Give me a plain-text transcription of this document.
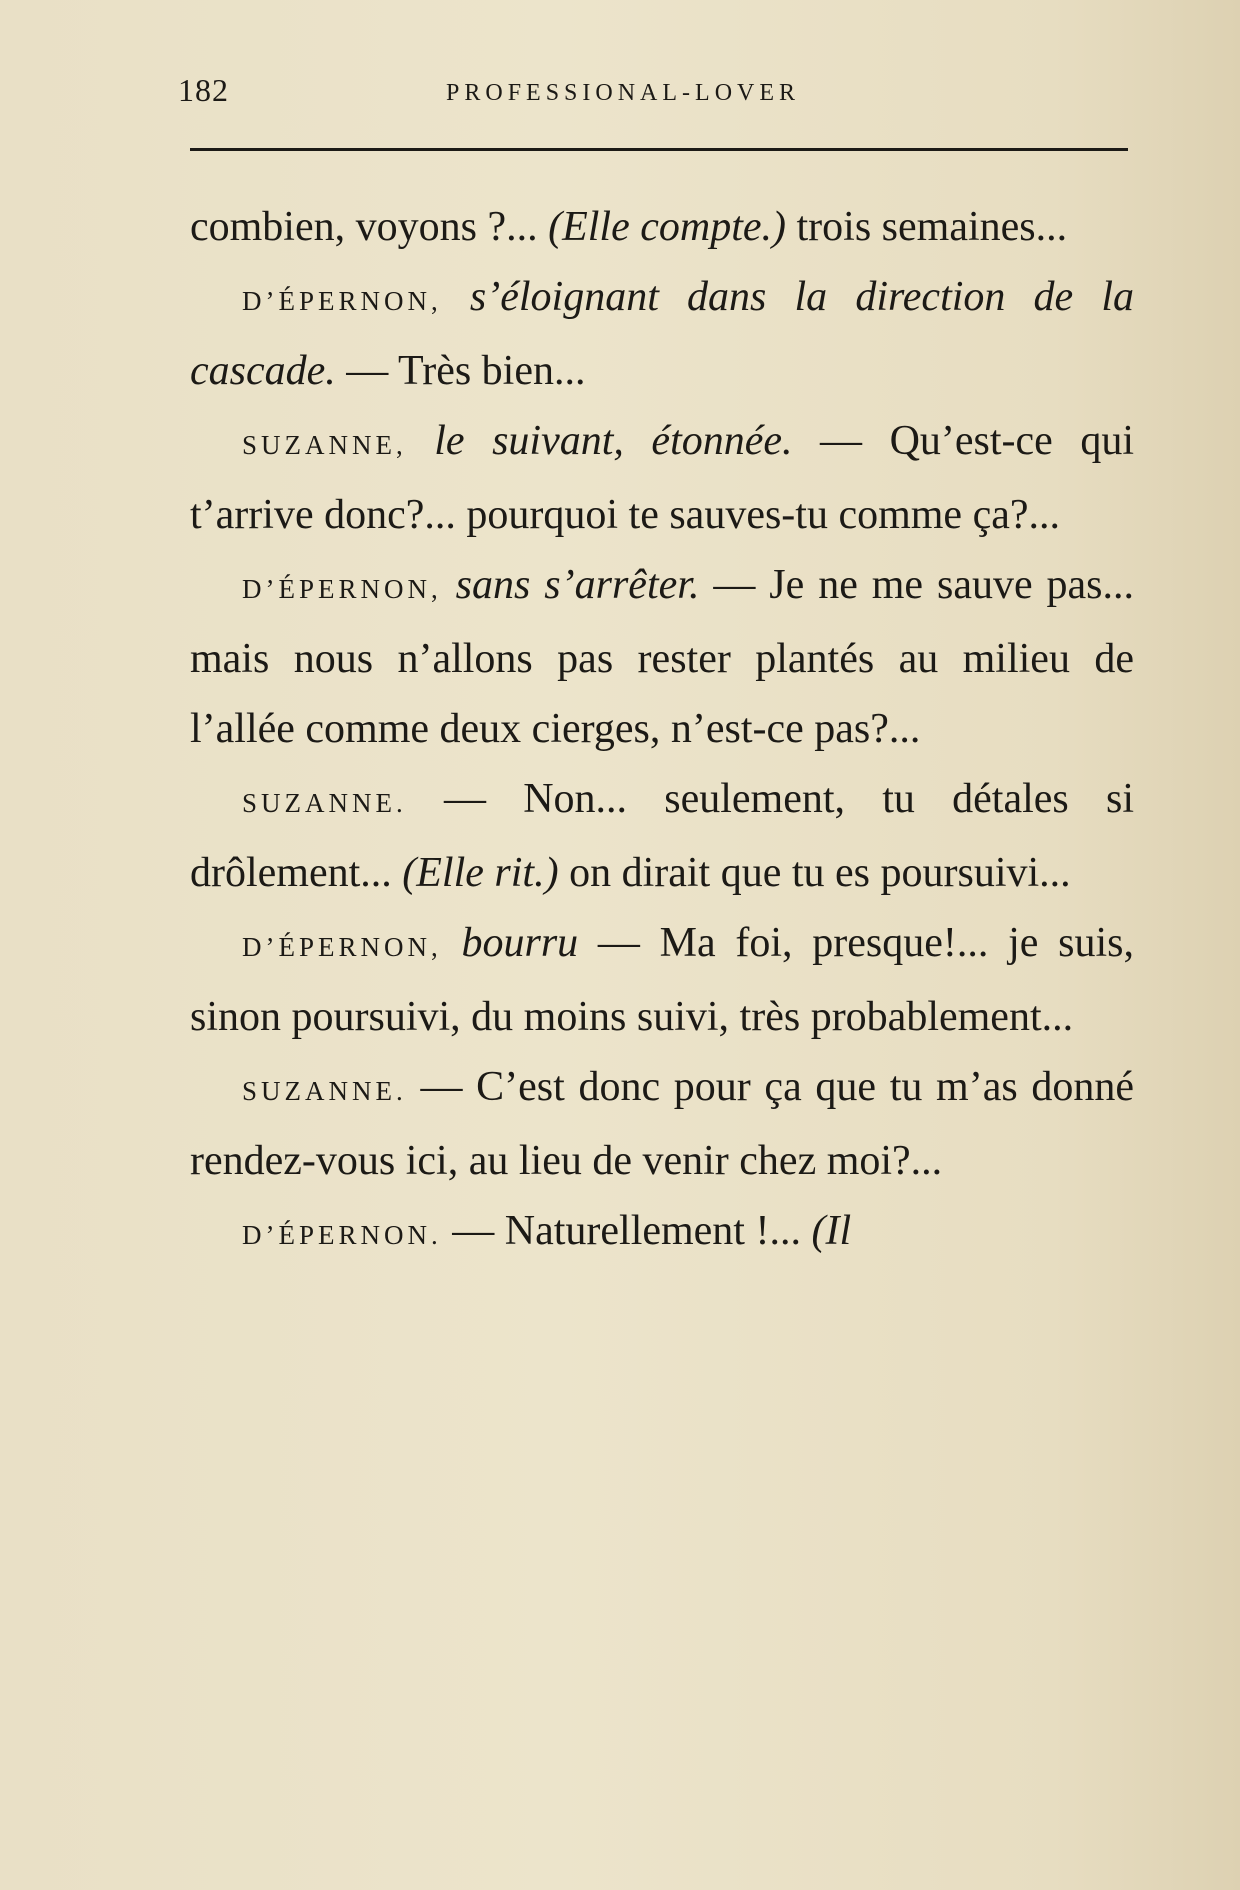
182	PROFESSIONAL-LOVER

combien, voyons ?... (Elle compte.) trois semaines...

D’ÉPERNON, s’éloignant dans la direction de la cascade. — Très bien...

SUZANNE, le suivant, étonnée. — Qu’est-ce qui t’arrive donc?... pourquoi te sauves-tu comme ça?...

D’ÉPERNON, sans s’arrêter. — Je ne me sauve pas... mais nous n’allons pas rester plantés au milieu de l’allée comme deux cierges, n’est-ce pas?...

SUZANNE. — Non... seulement, tu détales si drôlement... (Elle rit.) on dirait que tu es poursuivi...

D’ÉPERNON, bourru — Ma foi, presque!... je suis, sinon poursuivi, du moins suivi, très probablement...

SUZANNE. — C’est donc pour ça que tu m’as donné rendez-vous ici, au lieu de venir chez moi?...

D’ÉPERNON. — Naturellement !... (Il
